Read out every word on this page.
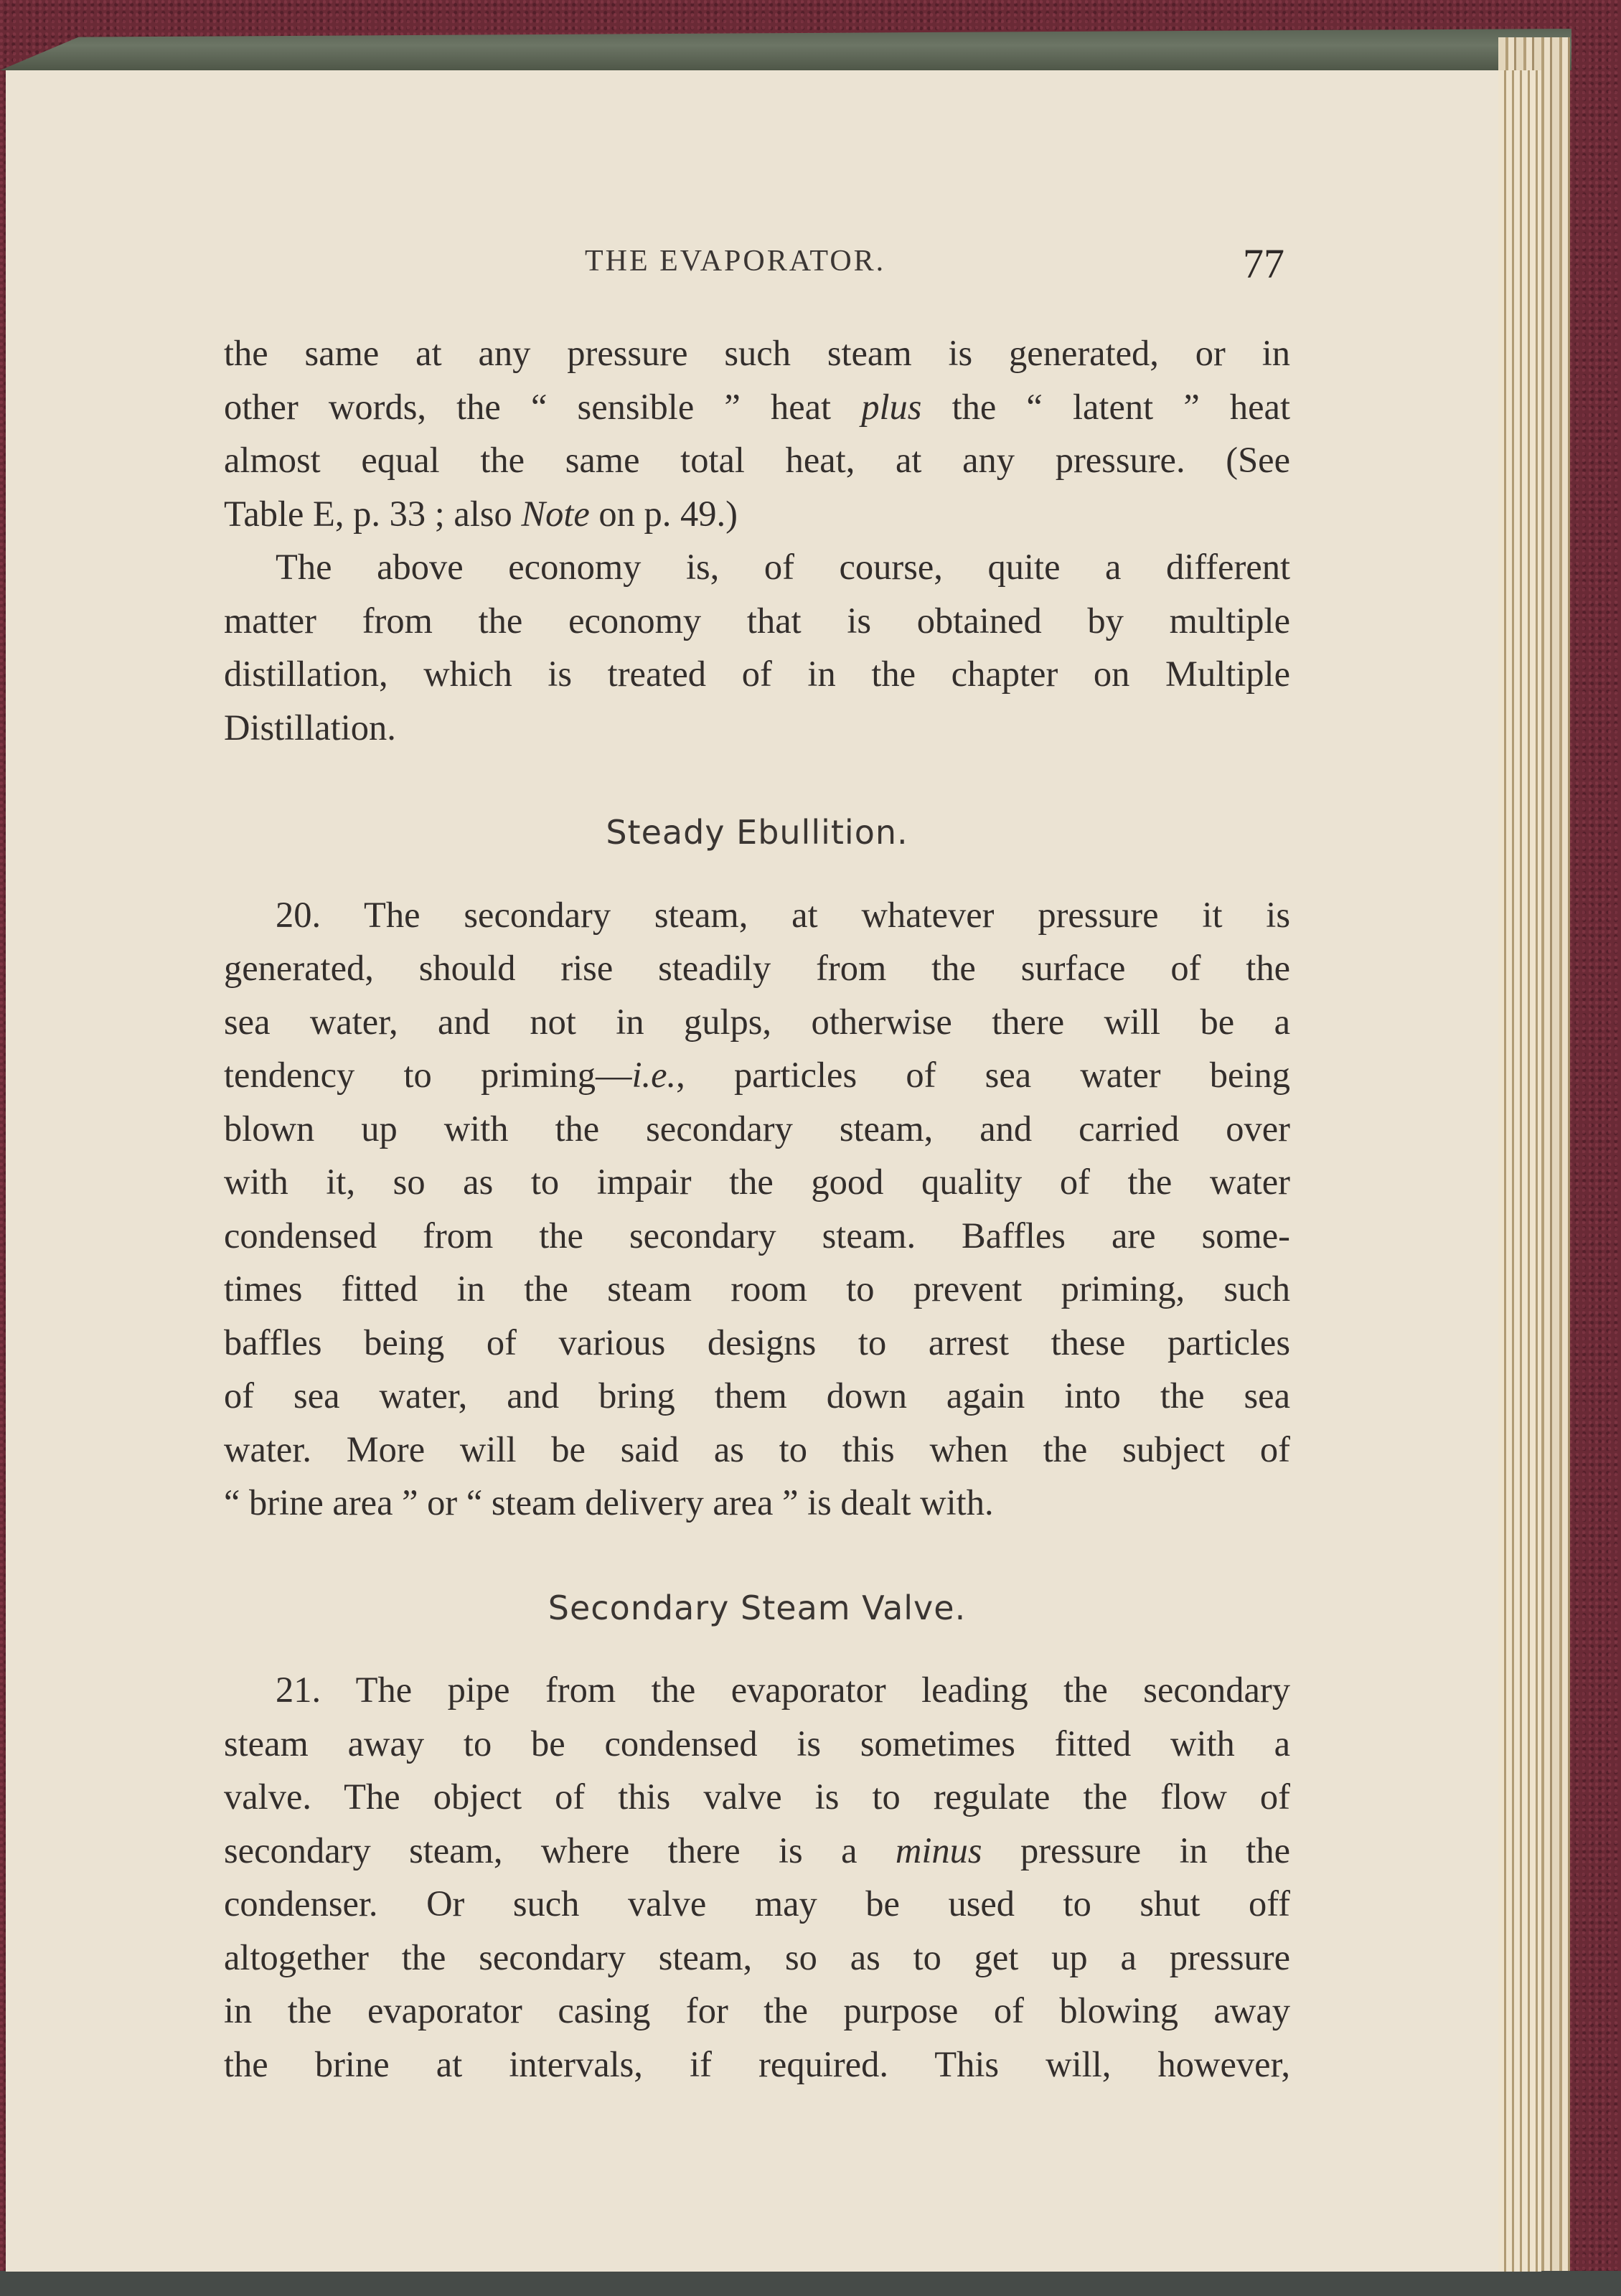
THE EVAPORATOR.	77
the same at any pressure such steam is generated, or in
other words, the “ sensible ” heat plus the “ latent ” heat
almost equal the same total heat, at any pressure. (See
Table E, p. 33 ; also Note on p. 49.)
The above economy is, of course, quite a different
matter from the economy that is obtained by multiple
distillation, which is treated of in the chapter on Multiple
Distillation.
Steady Ebullition.
20. The secondary steam, at whatever pressure it is
generated, should rise steadily from the surface of the
sea water, and not in gulps, otherwise there will be a
tendency to priming—i.e., particles of sea water being
blown up with the secondary steam, and carried over
with it, so as to impair the good quality of the water
condensed from the secondary steam. Baffles are some-
times fitted in the steam room to prevent priming, such
baffles being of various designs to arrest these particles
of sea water, and bring them down again into the sea
water. More will be said as to this when the subject of
“ brine area ” or “ steam delivery area ” is dealt with.
Secondary Steam Valve.
21. The pipe from the evaporator leading the secondary
steam away to be condensed is sometimes fitted with a
valve. The object of this valve is to regulate the flow of
secondary steam, where there is a minus pressure in the
condenser. Or such valve may be used to shut off
altogether the secondary steam, so as to get up a pressure
in the evaporator casing for the purpose of blowing away
the brine at intervals, if required. This will, however,
